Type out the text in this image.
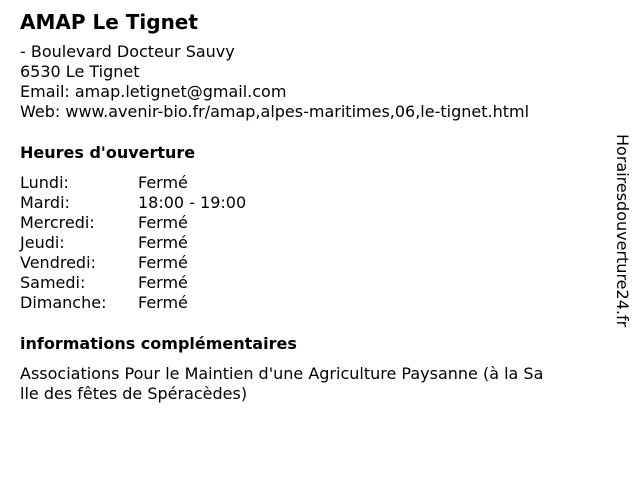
AMAP Le Tignet
- Boulevard Docteur Sauvy
6530 Le Tignet
Email: amap.letignet@gmail.com
Web: www.avenir-bio.fr/amap,alpes-maritimes,06,le-tignet.html
Heures d'ouverture
Lundi:	Fermé
Mardi:	18:00 - 19:00
Mercredi:	Fermé
Jeudi:	Fermé
Vendredi:	Fermé
Samedi:	Fermé
Dimanche:	Fermé
informations complémentaires
Associations Pour le Maintien d'une Agriculture Paysanne (à la Sa
lle des fêtes de Spéracèdes)
Horairesdouverture24.fr
